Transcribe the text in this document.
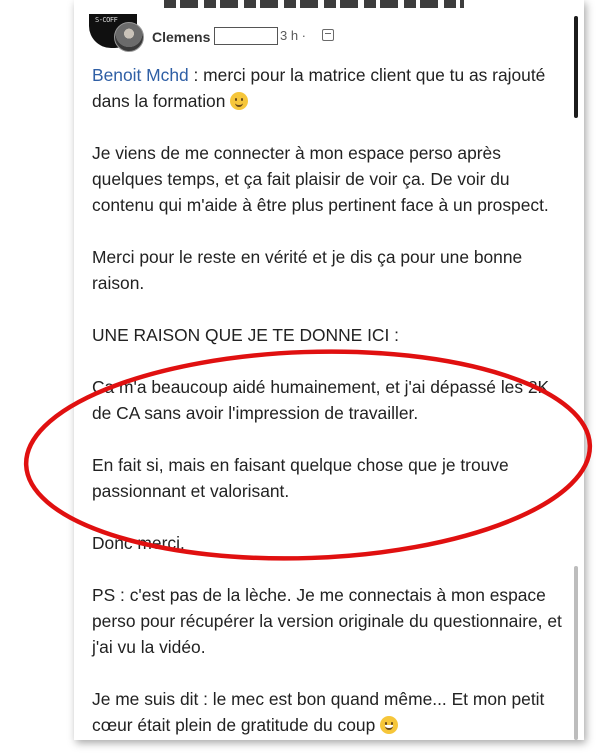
S-COFF
Clemens	3 h ·

Benoit Mchd : merci pour la matrice client que tu as rajouté dans la formation

Je viens de me connecter à mon espace perso après quelques temps, et ça fait plaisir de voir ça. De voir du contenu qui m'aide à être plus pertinent face à un prospect.

Merci pour le reste en vérité et je dis ça pour une bonne raison.

UNE RAISON QUE JE TE DONNE ICI :

Ca m'a beaucoup aidé humainement, et j'ai dépassé les 2K de CA sans avoir l'impression de travailler.

En fait si, mais en faisant quelque chose que je trouve passionnant et valorisant.

Donc merci.

PS : c'est pas de la lèche. Je me connectais à mon espace perso pour récupérer la version originale du questionnaire, et j'ai vu la vidéo.

Je me suis dit : le mec est bon quand même... Et mon petit cœur était plein de gratitude du coup
